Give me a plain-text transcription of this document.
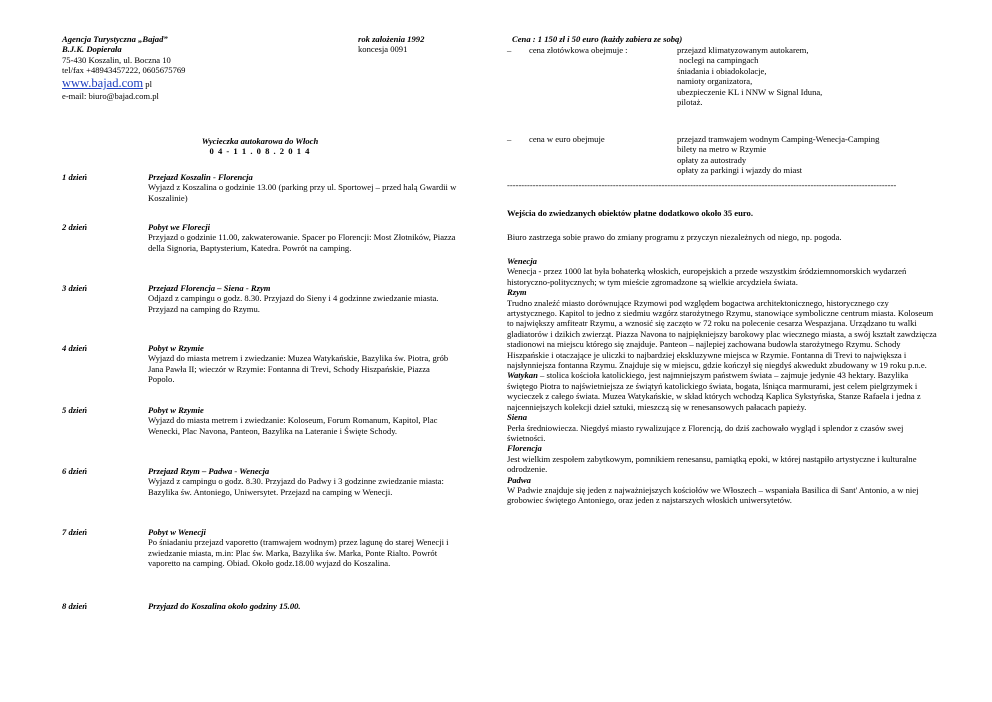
Agencja Turystyczna „Bajad”
B.J.K. Dopierała
75-430 Koszalin, ul. Boczna 10
tel/fax +48943457222, 0605675769
www.bajad.com pl
e-mail: biuro@bajad.com.pl
rok założenia 1992
koncesja 0091
Wycieczka autokarowa do Włoch
0 4 - 1 1 . 0 8 . 2 0 1 4
1 dzień	Przejazd Koszalin - Florencja
Wyjazd z Koszalina o godzinie 13.00 (parking przy ul. Sportowej – przed halą Gwardii w Koszalinie)
2 dzień	Pobyt we Florecji
Przyjazd o godzinie 11.00, zakwaterowanie. Spacer po Florencji: Most Złotników, Piazza della Signoria, Baptysterium, Katedra. Powrót na camping.
3 dzień	Przejazd Florencja – Siena - Rzym
Odjazd z campingu o godz. 8.30. Przyjazd do Sieny i 4 godzinne zwiedzanie miasta. Przyjazd na camping do Rzymu.
4 dzień	Pobyt w Rzymie
Wyjazd do miasta metrem i zwiedzanie: Muzea Watykańskie, Bazylika św. Piotra, grób Jana Pawła II; wieczór w Rzymie: Fontanna di Trevi, Schody Hiszpańskie, Piazza Popolo.
5 dzień	Pobyt w Rzymie
Wyjazd do miasta metrem i zwiedzanie: Koloseum, Forum Romanum, Kapitol, Plac Wenecki, Plac Navona, Panteon, Bazylika na Lateranie i Święte Schody.
6 dzień	Przejazd Rzym – Padwa - Wenecja
Wyjazd z campingu o godz. 8.30. Przyjazd do Padwy i 3 godzinne zwiedzanie miasta: Bazylika św. Antoniego, Uniwersytet. Przejazd na camping w Wenecji.
7 dzień	Pobyt w Wenecji
Po śniadaniu przejazd vaporetto (tramwajem wodnym) przez lagunę do starej Wenecji i zwiedzanie miasta, m.in: Plac św. Marka, Bazylika św. Marka, Ponte Rialto. Powrót vaporetto na camping. Obiad. Około godz.18.00 wyjazd do Koszalina.
8 dzień	Przyjazd do Koszalina około godziny 15.00.
Cena : 1 150 zł i 50 euro (każdy zabiera ze sobą)
– cena złotówkowa obejmuje :	przejazd klimatyzowanym autokarem,
noclegi na campingach
śniadania i obiadokolacje,
namioty organizatora,
ubezpieczenie KL i NNW w Signal Iduna,
pilotaż.
– cena w euro obejmuje	przejazd tramwajem wodnym Camping-Wenecja-Camping
bilety na metro w Rzymie
opłaty za autostrady
opłaty za parkingi i wjazdy do miast
----------------------------------------------------------------------------------------------------------------------------------------
Wejścia do zwiedzanych obiektów płatne dodatkowo około 35 euro.
Biuro zastrzega sobie prawo do zmiany programu z przyczyn niezależnych od niego, np. pogoda.

Wenecja

Wenecja - przez 1000 lat była bohaterką włoskich, europejskich a przede wszystkim śródziemnomorskich wydarzeń historyczno-politycznych; w tym mieście zgromadzone są wielkie arcydzieła świata.

Rzym

Trudno znaleźć miasto dorównujące Rzymowi pod względem bogactwa architektonicznego, historycznego czy artystycznego. Kapitol to jedno z siedmiu wzgórz starożytnego Rzymu, stanowiące symboliczne centrum miasta. Koloseum to największy amfiteatr Rzymu, a wznosić się zaczęto w 72 roku na polecenie cesarza Wespazjana. Urządzano tu walki gladiatorów i dzikich zwierząt. Piazza Navona to najpiękniejszy barokowy plac wiecznego miasta, a swój kształt zawdzięcza stadionowi na miejscu którego się znajduje. Panteon – najlepiej zachowana budowla starożytnego Rzymu. Schody Hiszpańskie i otaczające je uliczki to najbardziej ekskluzywne miejsca w Rzymie. Fontanna di Trevi to największa i najsłynniejsza fontanna Rzymu. Znajduje się w miejscu, gdzie kończył się niegdyś akwedukt zbudowany w 19 roku p.n.e.

Watykan – stolica kościoła katolickiego, jest najmniejszym państwem świata – zajmuje jedynie 43 hektary. Bazylika świętego Piotra to najświetniejsza ze świątyń katolickiego świata, bogata, lśniąca marmurami, jest celem pielgrzymek i wycieczek z całego świata. Muzea Watykańskie, w skład których wchodzą Kaplica Sykstyńska, Stanze Rafaela i jedna z najcenniejszych kolekcji dzieł sztuki, mieszczą się w renesansowych pałacach papieży.

Siena

Perła średniowiecza. Niegdyś miasto rywalizujące z Florencją, do dziś zachowało wygląd i splendor z czasów swej świetności.

Florencja

Jest wielkim zespołem zabytkowym, pomnikiem renesansu, pamiątką epoki, w której nastąpiło artystyczne i kulturalne odrodzenie.

Padwa

W Padwie znajduje się jeden z najważniejszych kościołów we Włoszech – wspaniała Basilica di Sant' Antonio, a w niej grobowiec świętego Antoniego, oraz jeden z najstarszych włoskich uniwersytetów.
